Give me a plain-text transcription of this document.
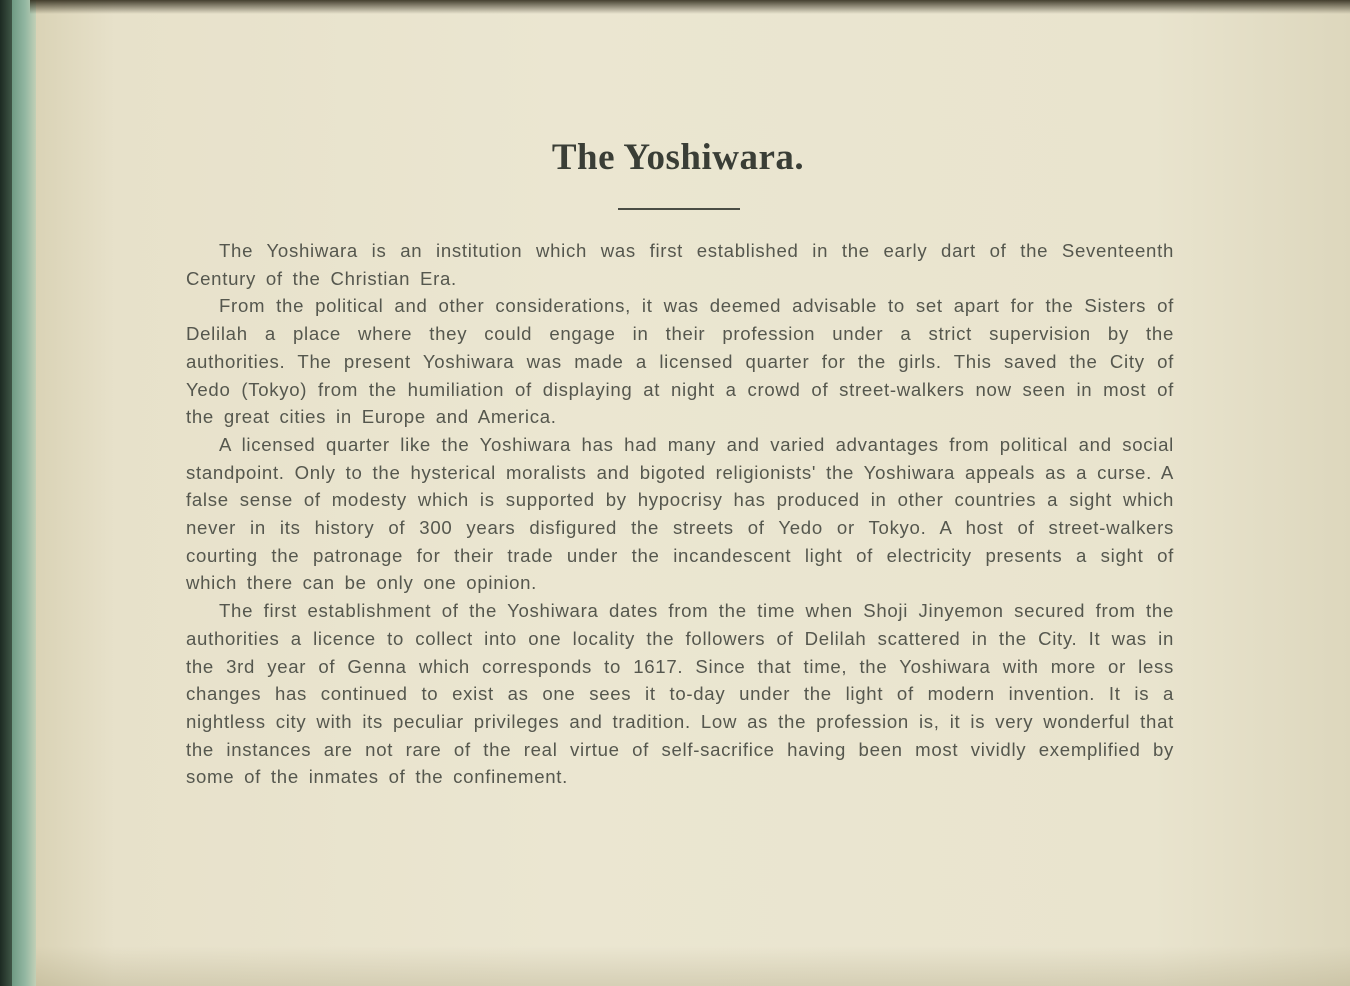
The Yoshiwara.

The Yoshiwara is an institution which was first established in the early dart of the Seventeenth Century of the Christian Era.

From the political and other considerations, it was deemed advisable to set apart for the Sisters of Delilah a place where they could engage in their profession under a strict supervision by the authorities. The present Yoshiwara was made a licensed quarter for the girls. This saved the City of Yedo (Tokyo) from the humiliation of displaying at night a crowd of street-walkers now seen in most of the great cities in Europe and America.

A licensed quarter like the Yoshiwara has had many and varied advantages from political and social standpoint. Only to the hysterical moralists and bigoted religionists' the Yoshiwara appeals as a curse. A false sense of modesty which is supported by hypocrisy has produced in other countries a sight which never in its history of 300 years disfigured the streets of Yedo or Tokyo. A host of street-walkers courting the patronage for their trade under the incandescent light of electricity presents a sight of which there can be only one opinion.

The first establishment of the Yoshiwara dates from the time when Shoji Jinyemon secured from the authorities a licence to collect into one locality the followers of Delilah scattered in the City. It was in the 3rd year of Genna which corresponds to 1617. Since that time, the Yoshiwara with more or less changes has continued to exist as one sees it to-day under the light of modern invention. It is a nightless city with its peculiar privileges and tradition. Low as the profession is, it is very wonderful that the instances are not rare of the real virtue of self-sacrifice having been most vividly exemplified by some of the inmates of the confinement.
